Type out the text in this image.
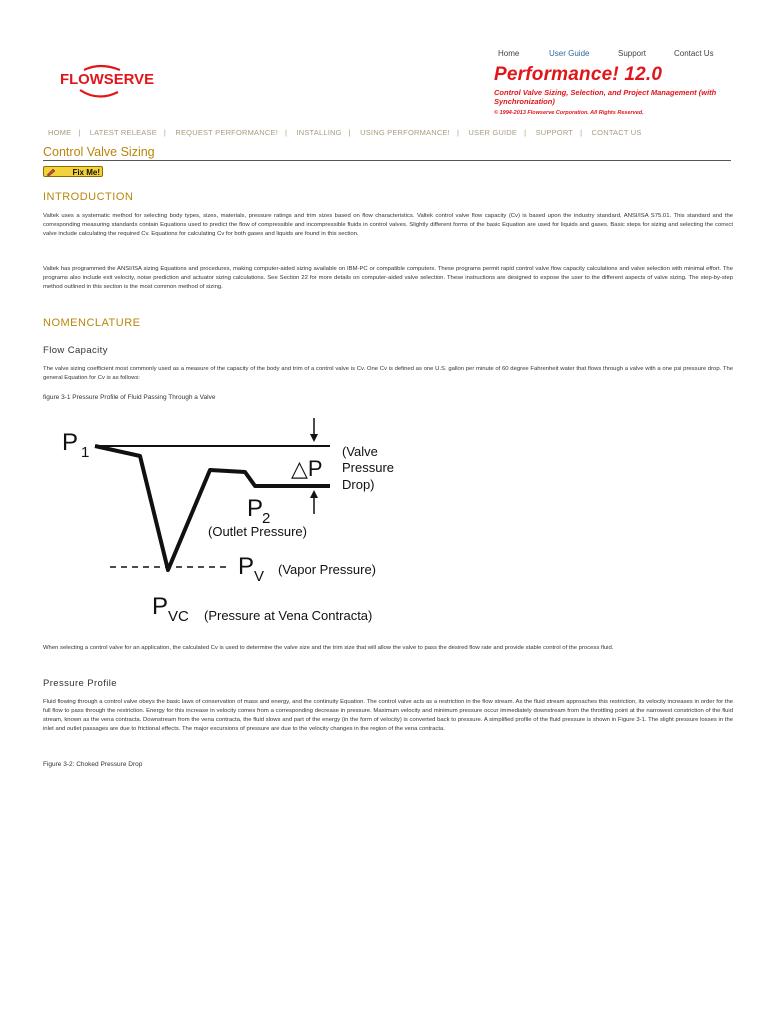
Home	User Guide	Support	Contact Us
FLOWSERVE	Performance! 12.0
Control Valve Sizing, Selection, and Project Management (with Synchronization)
© 1994-2013 Flowserve Corporation. All Rights Reserved.
HOME | LATEST RELEASE | REQUEST PERFORMANCE! | INSTALLING | USING PERFORMANCE! | USER GUIDE | SUPPORT | CONTACT US
Control Valve Sizing
Fix Me!
INTRODUCTION
Valtek uses a systematic method for selecting body types, sizes, materials, pressure ratings and trim sizes based on flow characteristics. Valtek control valve flow capacity (Cv) is based upon the industry standard, ANSI/ISA S75.01. This standard and the corresponding measuring standards contain Equations used to predict the flow of compressible and incompressible fluids in control valves. Slightly different forms of the basic Equation are used for liquids and gases. Basic steps for sizing and selecting the correct valve include calculating the required Cv. Equations for calculating Cv for both gases and liquids are found in this section.
Valtek has programmed the ANSI/ISA sizing Equations and procedures, making computer-aided sizing available on IBM-PC or compatible computers. These programs permit rapid control valve flow capacity calculations and valve selection with minimal effort. The programs also include exit velocity, noise prediction and actuator sizing calculations. See Section 22 for more details on computer-aided valve selection. These instructions are designed to expose the user to the different aspects of valve sizing. The step-by-step method outlined in this section is the most common method of sizing.
NOMENCLATURE
Flow Capacity
The valve sizing coefficient most commonly used as a measure of the capacity of the body and trim of a control valve is Cv. One Cv is defined as one U.S. gallon per minute of 60 degree Fahrenheit water that flows through a valve with a one psi pressure drop. The general Equation for Cv is as follows:
figure 3-1 Pressure Profile of Fluid Passing Through a Valve
P 1
△P
(Valve
Pressure
Drop)
P
2
(Outlet Pressure)
P V (Vapor Pressure)
P VC (Pressure at Vena Contracta)
When selecting a control valve for an application, the calculated Cv is used to determine the valve size and the trim size that will allow the valve to pass the desired flow rate and provide stable control of the process fluid.
Pressure Profile
Fluid flowing through a control valve obeys the basic laws of conservation of mass and energy, and the continuity Equation. The control valve acts as a restriction in the flow stream. As the fluid stream approaches this restriction, its velocity increases in order for the full flow to pass through the restriction. Energy for this increase in velocity comes from a corresponding decrease in pressure. Maximum velocity and minimum pressure occur immediately downstream from the throttling point at the narrowest constriction of the fluid stream, known as the vena contracta. Downstream from the vena contracta, the fluid slows and part of the energy (in the form of velocity) is converted back to pressure. A simplified profile of the fluid pressure is shown in Figure 3-1. The slight pressure losses in the inlet and outlet passages are due to frictional effects. The major excursions of pressure are due to the velocity changes in the region of the vena contracta.
Figure 3-2: Choked Pressure Drop
